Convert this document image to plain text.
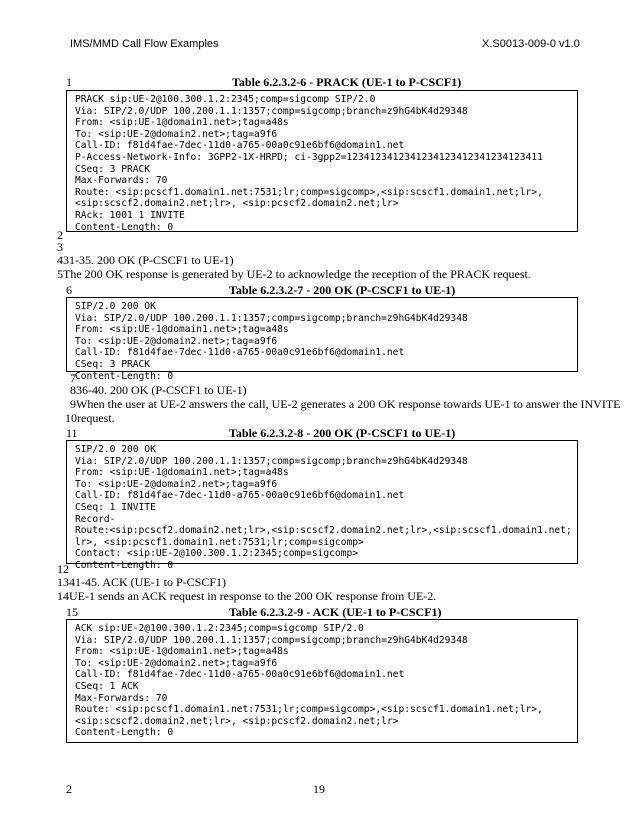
IMS/MMD Call Flow Examples	X.S0013-009-0 v1.0
1	Table 6.2.3.2-6 - PRACK (UE-1 to P-CSCF1)
PRACK sip:UE-2@100.300.1.2:2345;comp=sigcomp SIP/2.0
Via: SIP/2.0/UDP 100.200.1.1:1357;comp=sigcomp;branch=z9hG4bK4d29348
From: <sip:UE-1@domain1.net>;tag=a48s
To: <sip:UE-2@domain2.net>;tag=a9f6
Call-ID: f81d4fae-7dec-11d0-a765-00a0c91e6bf6@domain1.net
P-Access-Network-Info: 3GPP2-1X-HRPD; ci-3gpp2=1234123412341234123412341234123411
CSeq: 3 PRACK
Max-Forwards: 70
Route: <sip:pcscf1.domain1.net:7531;lr;comp=sigcomp>,<sip:scscf1.domain1.net;lr>,
<sip:scscf2.domain2.net;lr>, <sip:pcscf2.domain2.net;lr>
RAck: 1001 1 INVITE
Content-Length: 0
2
3
431-35. 200 OK (P-CSCF1 to UE-1)
5The 200 OK response is generated by UE-2 to acknowledge the reception of the PRACK request.
6	Table 6.2.3.2-7 - 200 OK (P-CSCF1 to UE-1)
SIP/2.0 200 OK
Via: SIP/2.0/UDP 100.200.1.1:1357;comp=sigcomp;branch=z9hG4bK4d29348
From: <sip:UE-1@domain1.net>;tag=a48s
To: <sip:UE-2@domain2.net>;tag=a9f6
Call-ID: f81d4fae-7dec-11d0-a765-00a0c91e6bf6@domain1.net
CSeq: 3 PRACK
Content-Length: 0
7
836-40. 200 OK (P-CSCF1 to UE-1)
9When the user at UE-2 answers the call, UE-2 generates a 200 OK response towards UE-1 to answer the INVITE
10request.
11	Table 6.2.3.2-8 - 200 OK (P-CSCF1 to UE-1)
SIP/2.0 200 OK
Via: SIP/2.0/UDP 100.200.1.1:1357;comp=sigcomp;branch=z9hG4bK4d29348
From: <sip:UE-1@domain1.net>;tag=a48s
To: <sip:UE-2@domain2.net>;tag=a9f6
Call-ID: f81d4fae-7dec-11d0-a765-00a0c91e6bf6@domain1.net
CSeq: 1 INVITE
Record-
Route:<sip:pcscf2.domain2.net;lr>,<sip:scscf2.domain2.net;lr>,<sip:scscf1.domain1.net;
lr>, <sip:pcscf1.domain1.net:7531;lr;comp=sigcomp>
Contact: <sip:UE-2@100.300.1.2:2345;comp=sigcomp>
Content-Length: 0
12
1341-45. ACK (UE-1 to P-CSCF1)
14UE-1 sends an ACK request in response to the 200 OK response from UE-2.
15	Table 6.2.3.2-9 - ACK (UE-1 to P-CSCF1)
ACK sip:UE-2@100.300.1.2:2345;comp=sigcomp SIP/2.0
Via: SIP/2.0/UDP 100.200.1.1:1357;comp=sigcomp;branch=z9hG4bK4d29348
From: <sip:UE-1@domain1.net>;tag=a48s
To: <sip:UE-2@domain2.net>;tag=a9f6
Call-ID: f81d4fae-7dec-11d0-a765-00a0c91e6bf6@domain1.net
CSeq: 1 ACK
Max-Forwards: 70
Route: <sip:pcscf1.domain1.net:7531;lr;comp=sigcomp>,<sip:scscf1.domain1.net;lr>,
<sip:scscf2.domain2.net;lr>, <sip:pcscf2.domain2.net;lr>
Content-Length: 0
2	19
